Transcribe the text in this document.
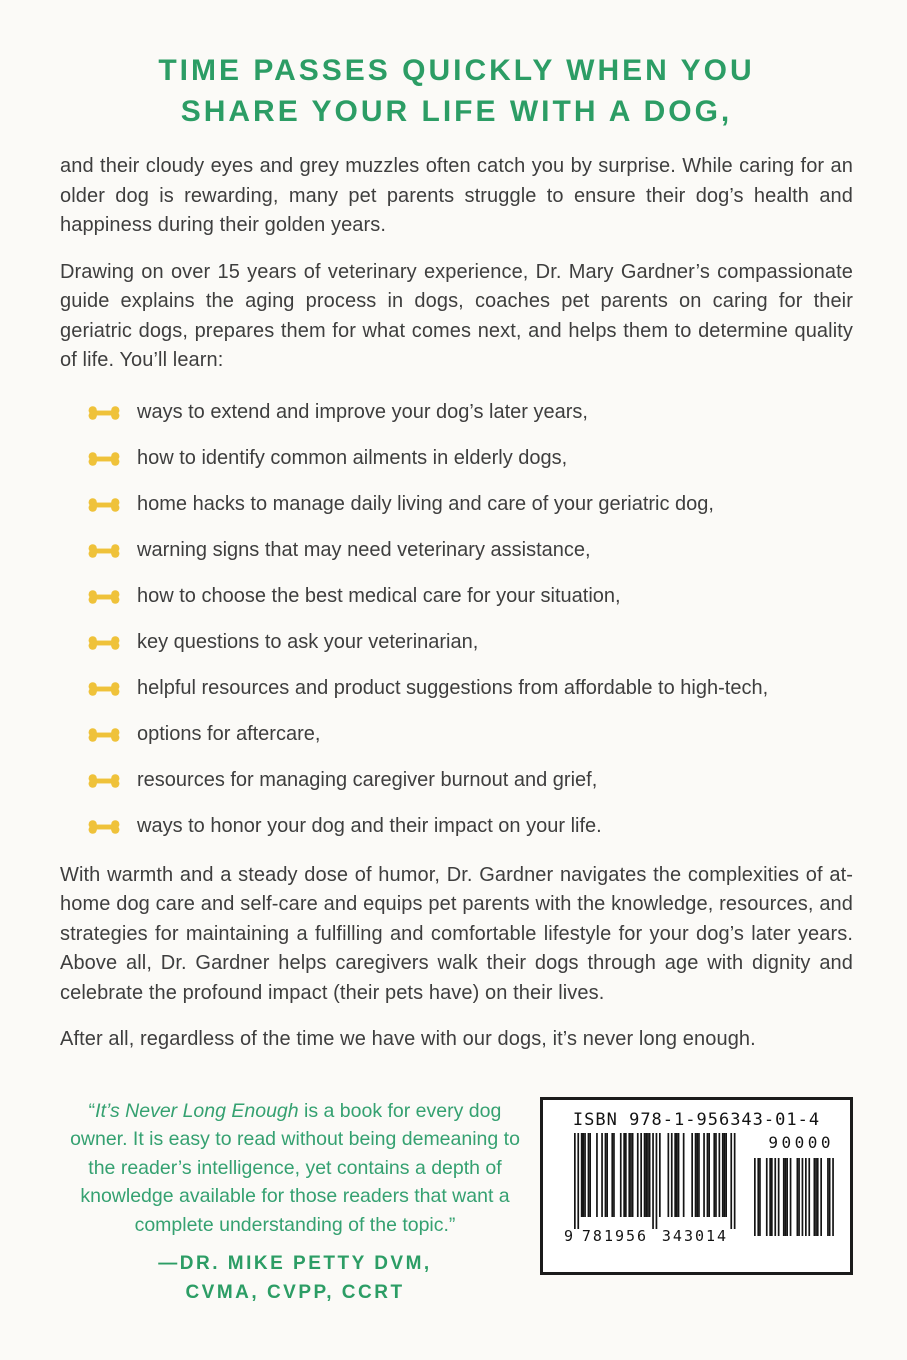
TIME PASSES QUICKLY WHEN YOU
SHARE YOUR LIFE WITH A DOG,

and their cloudy eyes and grey muzzles often catch you by surprise. While caring for an older dog is rewarding, many pet parents struggle to ensure their dog’s health and happiness during their golden years.

Drawing on over 15 years of veterinary experience, Dr. Mary Gardner’s compassionate guide explains the aging process in dogs, coaches pet parents on caring for their geriatric dogs, prepares them for what comes next, and helps them to determine quality of life. You’ll learn:

ways to extend and improve your dog’s later years,
how to identify common ailments in elderly dogs,
home hacks to manage daily living and care of your geriatric dog,
warning signs that may need veterinary assistance,
how to choose the best medical care for your situation,
key questions to ask your veterinarian,
helpful resources and product suggestions from affordable to high-tech,
options for aftercare,
resources for managing caregiver burnout and grief,
ways to honor your dog and their impact on your life.

With warmth and a steady dose of humor, Dr. Gardner navigates the complexities of at-home dog care and self-care and equips pet parents with the knowledge, resources, and strategies for maintaining a fulfilling and comfortable lifestyle for your dog’s later years. Above all, Dr. Gardner helps caregivers walk their dogs through age with dignity and celebrate the profound impact (their pets have) on their lives.

After all, regardless of the time we have with our dogs, it’s never long enough.

“It’s Never Long Enough is a book for every dog owner. It is easy to read without being demeaning to the reader’s intelligence, yet contains a depth of knowledge available for those readers that want a complete understanding of the topic.”

—DR. MIKE PETTY DVM,
CVMA, CVPP, CCRT

ISBN 978-1-956343-01-4
9 781956 343014
90000
